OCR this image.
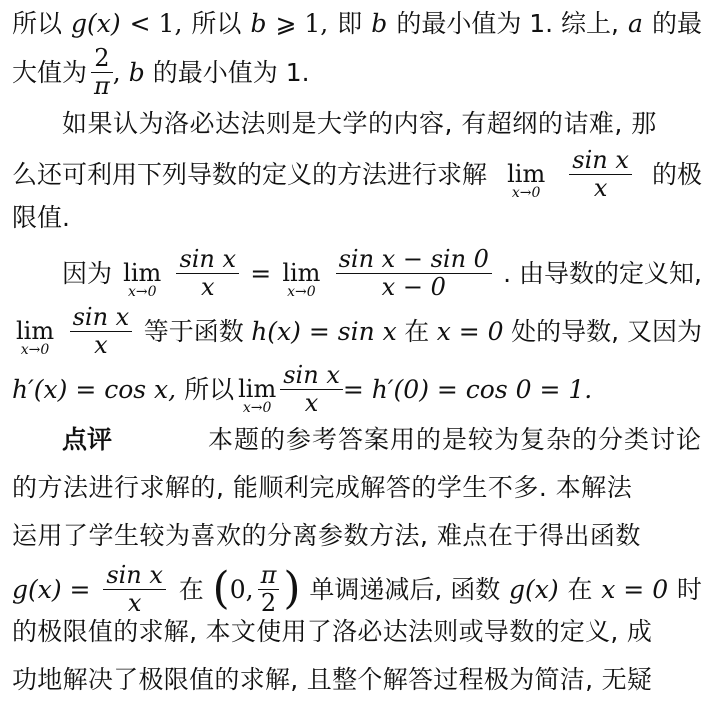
所以 g(x) < 1, 所以 b ⩾ 1, 即 b 的最小值为 1. 综上, a 的最
大值为 $\frac{2}{\pi}$ , b 的最小值为 1.
如果认为洛必达法则是大学的内容, 有超纲的诘难, 那
么还可利用下列导数的定义的方法进行求解 lim
$x\to 0 \frac{\text{sin x}}{x}$ 的极
限值.
因为 lim
$x\to 0 \frac{\text{sin x}}{x} = \lim$
$x\to 0 \frac{\text{sin x − sin 0}}{x - 0}$ . 由导数的定义知,
lim
$x\to 0 \frac{\text{sin x}}{x}$ 等于函数 h(x) = sin x 在 x = 0 处的导数, 又因为
h′(x) = cos x, 所以 lim
$x\to 0 \frac{\text{sin x}}{x} = h'(0) = \cos 0 = 1$.
点评	本题的参考答案用的是较为复杂的分类讨论
的方法进行求解的, 能顺利完成解答的学生不多. 本解法
运用了学生较为喜欢的分离参数方法, 难点在于得出函数
$g(x) = \frac{\text{sin x}}{x}$ 在 ( 0, $\frac{\pi}{2}$ ) 单调递减后, 函数 g(x) 在 x = 0 时
的极限值的求解, 本文使用了洛必达法则或导数的定义, 成
功地解决了极限值的求解, 且整个解答过程极为简洁, 无疑
